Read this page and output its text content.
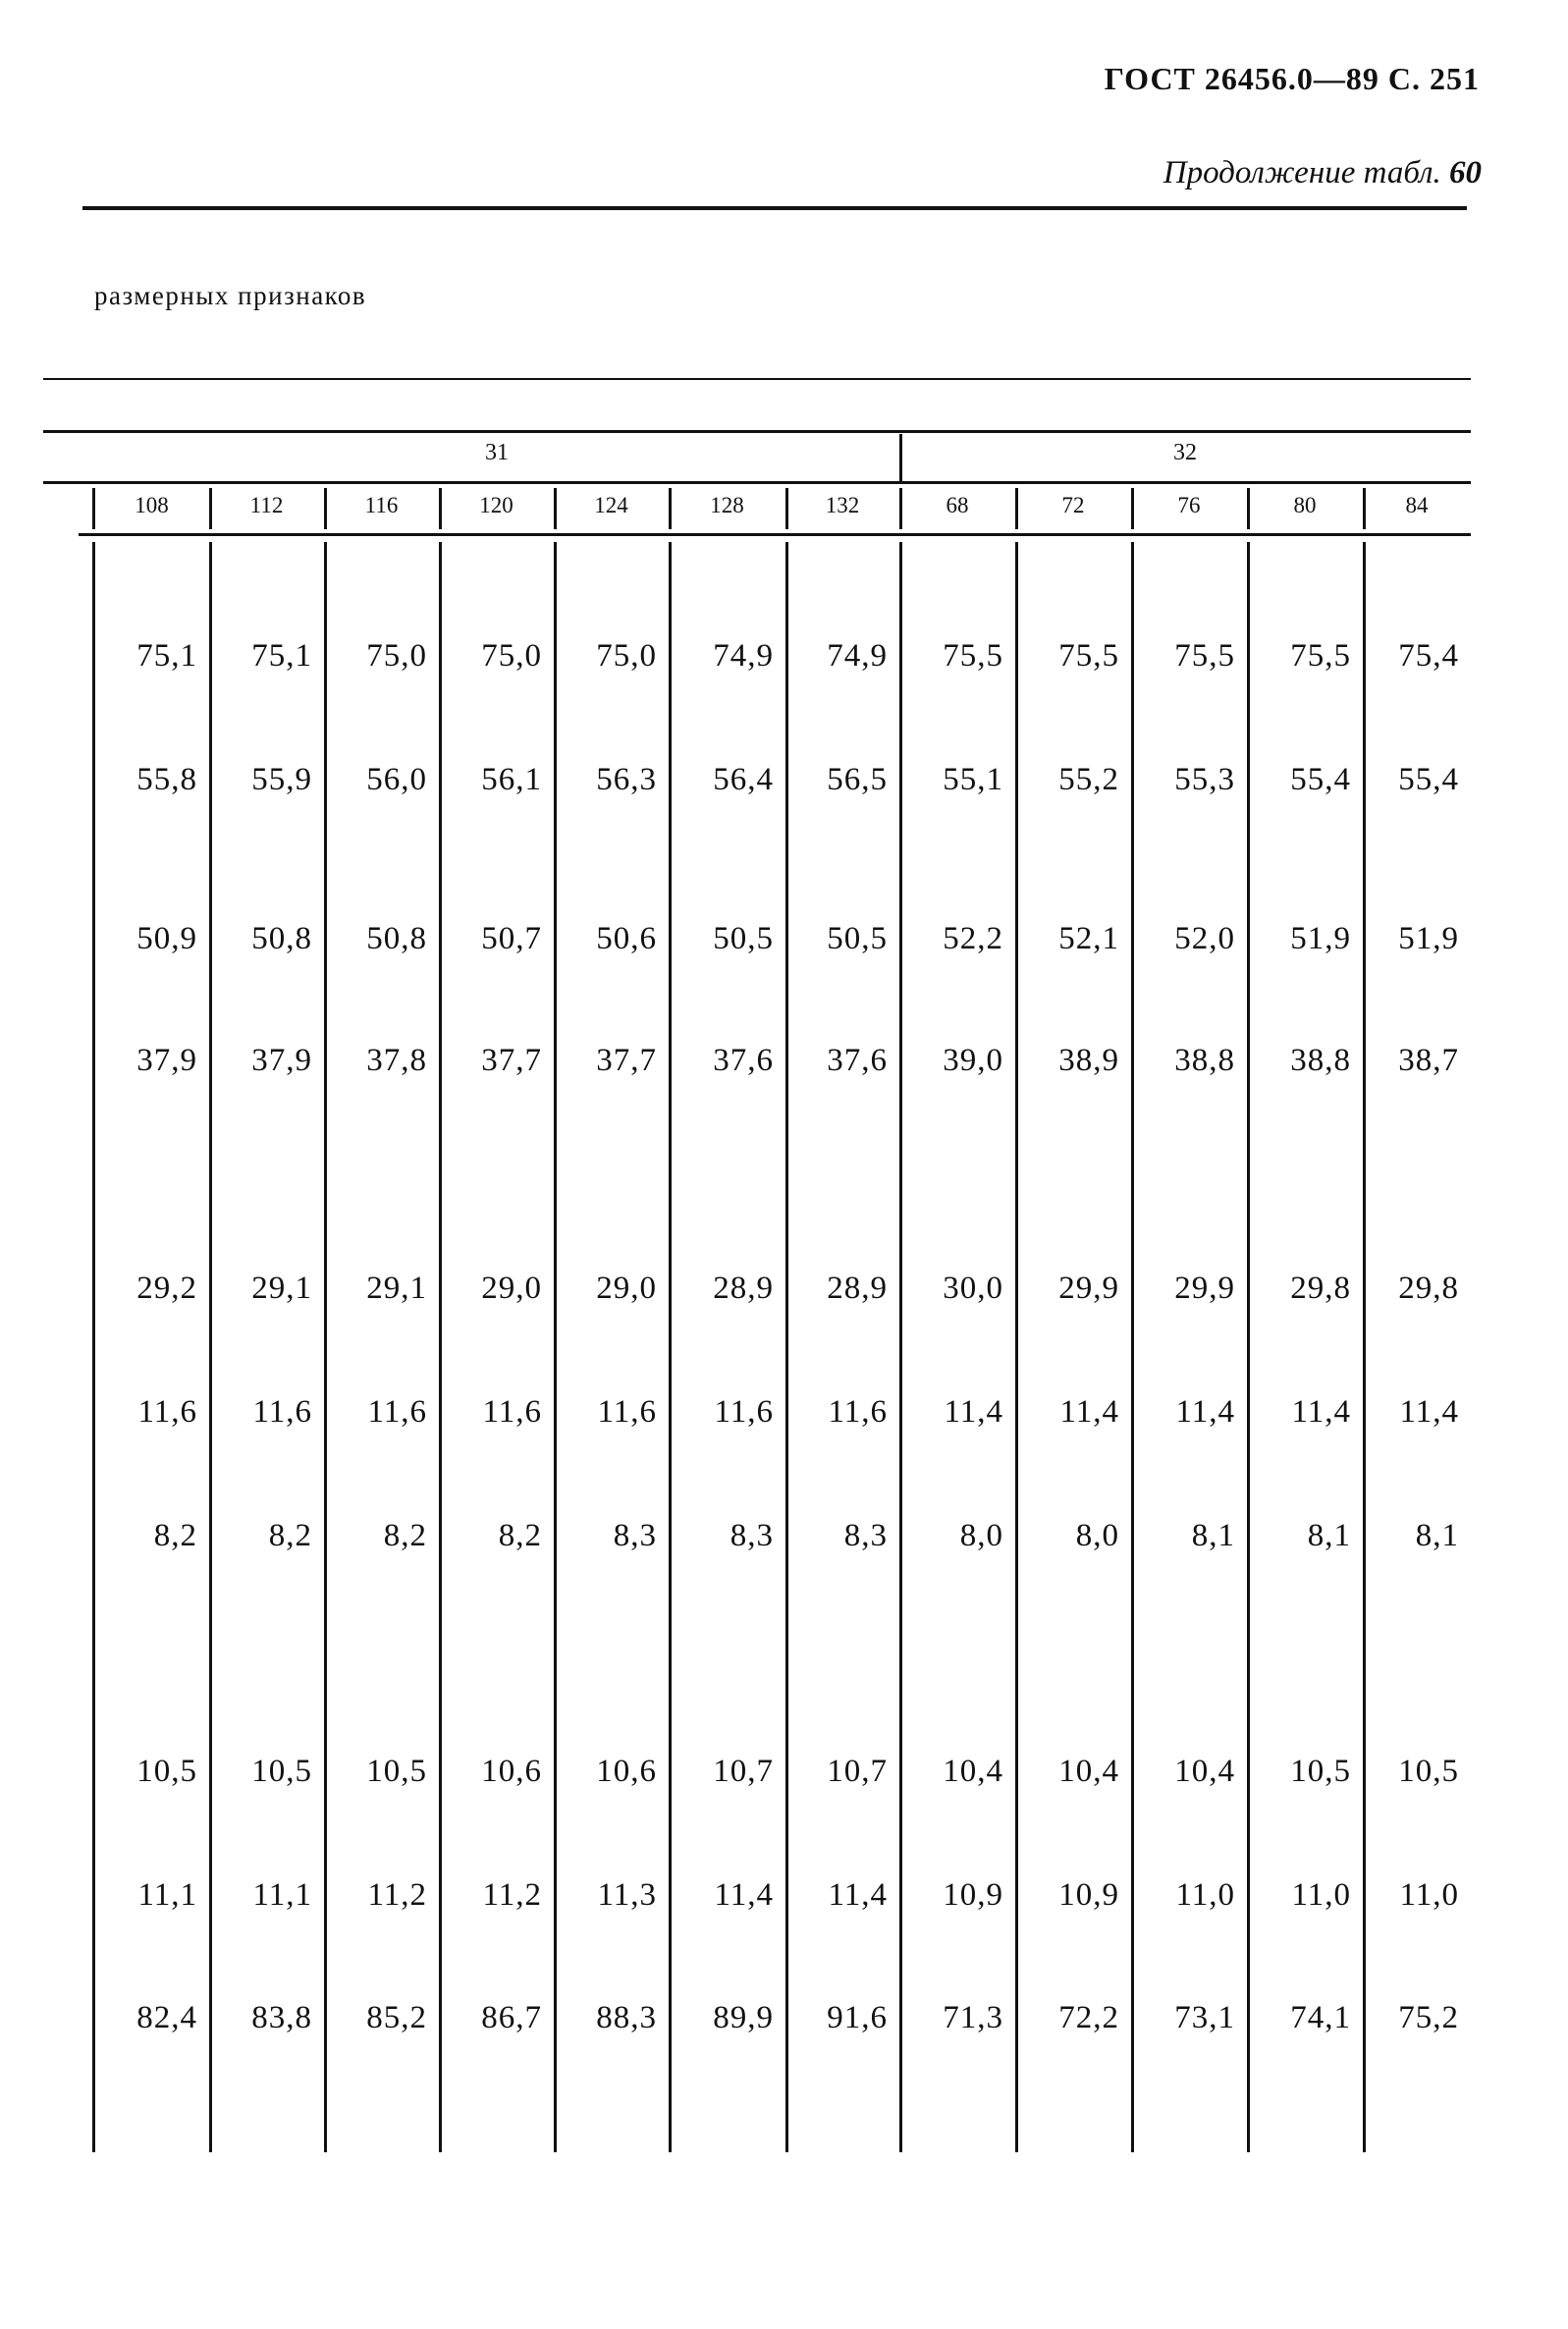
ГОСТ 26456.0—89 С. 251
Продолжение табл. 60
размерных признаков
31
108	112	116	120	124	128	132
32
68	72	76	80	84
75,1	75,1	75,0	75,0	75,0	74,9	74,9	75,5	75,5	75,5	75,5	75,4
55,8	55,9	56,0	56,1	56,3	56,4	56,5	55,1	55,2	55,3	55,4	55,4
50,9	50,8	50,8	50,7	50,6	50,5	50,5	52,2	52,1	52,0	51,9	51,9
37,9	37,9	37,8	37,7	37,7	37,6	37,6	39,0	38,9	38,8	38,8	38,7
29,2	29,1	29,1	29,0	29,0	28,9	28,9	30,0	29,9	29,9	29,8	29,8
11,6	11,6	11,6	11,6	11,6	11,6	11,6	11,4	11,4	11,4	11,4	11,4
8,2	8,2	8,2	8,2	8,3	8,3	8,3	8,0	8,0	8,1	8,1	8,1
10,5	10,5	10,5	10,6	10,6	10,7	10,7	10,4	10,4	10,4	10,5	10,5
11,1	11,1	11,2	11,2	11,3	11,4	11,4	10,9	10,9	11,0	11,0	11,0
82,4	83,8	85,2	86,7	88,3	89,9	91,6	71,3	72,2	73,1	74,1	75,2
